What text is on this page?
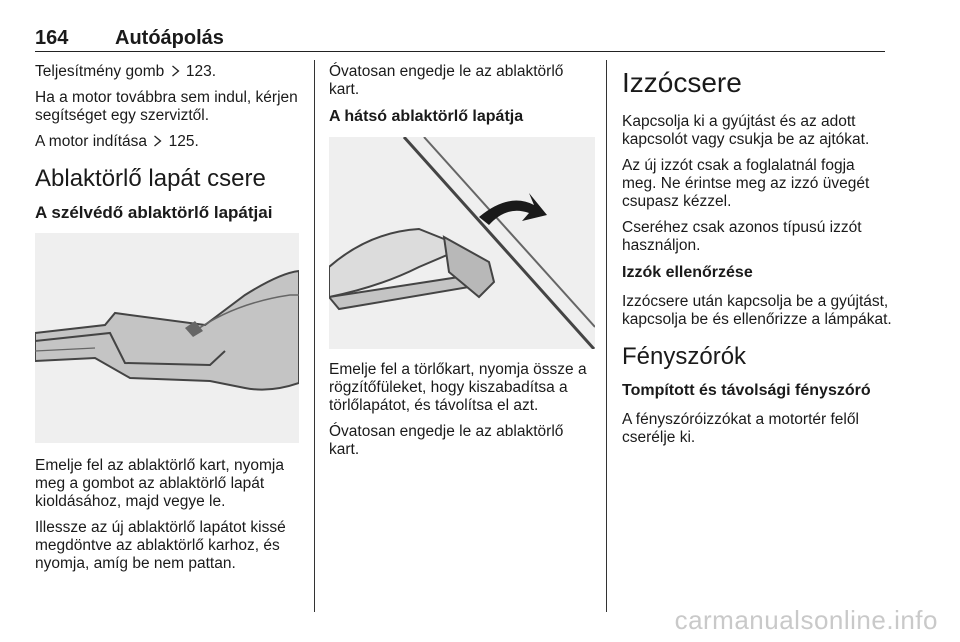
164 Autóápolás

Teljesítmény gomb 123.

Ha a motor továbbra sem indul, kérjen segítséget egy szerviztől.

A motor indítása 125.

Ablaktörlő lapát csere
A szélvédő ablaktörlő lapátjai

Emelje fel az ablaktörlő kart, nyomja meg a gombot az ablaktörlő lapát kioldásához, majd vegye le.

Illessze az új ablaktörlő lapátot kissé megdöntve az ablaktörlő karhoz, és nyomja, amíg be nem pattan.

Óvatosan engedje le az ablaktörlő kart.

A hátsó ablaktörlő lapátja

Emelje fel a törlőkart, nyomja össze a rögzítőfüleket, hogy kiszabadítsa a törlőlapátot, és távolítsa el azt.

Óvatosan engedje le az ablaktörlő kart.

Izzócsere

Kapcsolja ki a gyújtást és az adott kapcsolót vagy csukja be az ajtókat.

Az új izzót csak a foglalatnál fogja meg. Ne érintse meg az izzó üvegét csupasz kézzel.

Cseréhez csak azonos típusú izzót használjon.

Izzók ellenőrzése

Izzócsere után kapcsolja be a gyújtást, kapcsolja be és ellenőrizze a lámpákat.

Fényszórók
Tompított és távolsági fényszóró

A fényszóróizzókat a motortér felől cserélje ki.

carmanualsonline.info
